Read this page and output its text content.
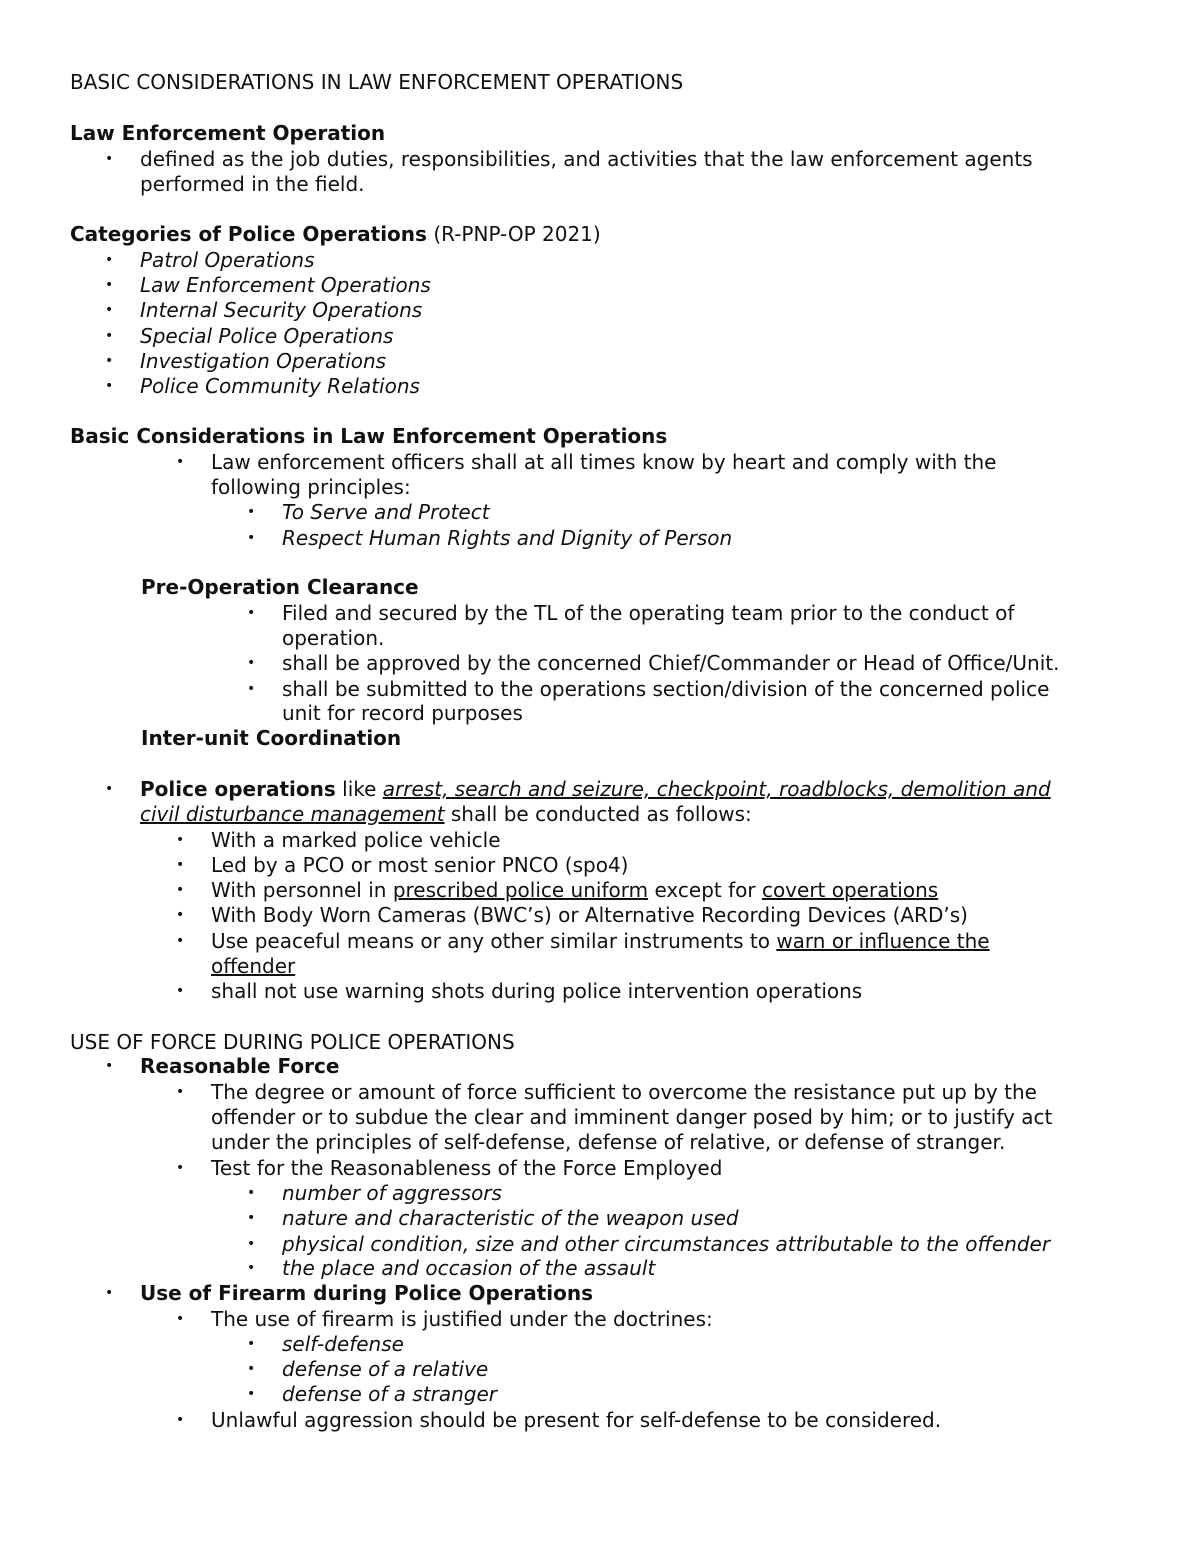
BASIC CONSIDERATIONS IN LAW ENFORCEMENT OPERATIONS
Law Enforcement Operation
• defined as the job duties, responsibilities, and activities that the law enforcement agents
performed in the field.
Categories of Police Operations (R-PNP-OP 2021)
• Patrol Operations
• Law Enforcement Operations
• Internal Security Operations
• Special Police Operations
• Investigation Operations
• Police Community Relations
Basic Considerations in Law Enforcement Operations
• Law enforcement officers shall at all times know by heart and comply with the
following principles:
• To Serve and Protect
• Respect Human Rights and Dignity of Person
Pre-Operation Clearance
• Filed and secured by the TL of the operating team prior to the conduct of
operation.
• shall be approved by the concerned Chief/Commander or Head of Office/Unit.
• shall be submitted to the operations section/division of the concerned police
unit for record purposes
Inter-unit Coordination
• Police operations like arrest, search and seizure, checkpoint, roadblocks, demolition and
civil disturbance management shall be conducted as follows:
• With a marked police vehicle
• Led by a PCO or most senior PNCO (spo4)
• With personnel in prescribed police uniform except for covert operations
• With Body Worn Cameras (BWC’s) or Alternative Recording Devices (ARD’s)
• Use peaceful means or any other similar instruments to warn or influence the
offender
• shall not use warning shots during police intervention operations
USE OF FORCE DURING POLICE OPERATIONS
• Reasonable Force
• The degree or amount of force sufficient to overcome the resistance put up by the
offender or to subdue the clear and imminent danger posed by him; or to justify act
under the principles of self-defense, defense of relative, or defense of stranger.
• Test for the Reasonableness of the Force Employed
• number of aggressors
• nature and characteristic of the weapon used
• physical condition, size and other circumstances attributable to the offender
• the place and occasion of the assault
• Use of Firearm during Police Operations
• The use of firearm is justified under the doctrines:
• self-defense
• defense of a relative
• defense of a stranger
• Unlawful aggression should be present for self-defense to be considered.
